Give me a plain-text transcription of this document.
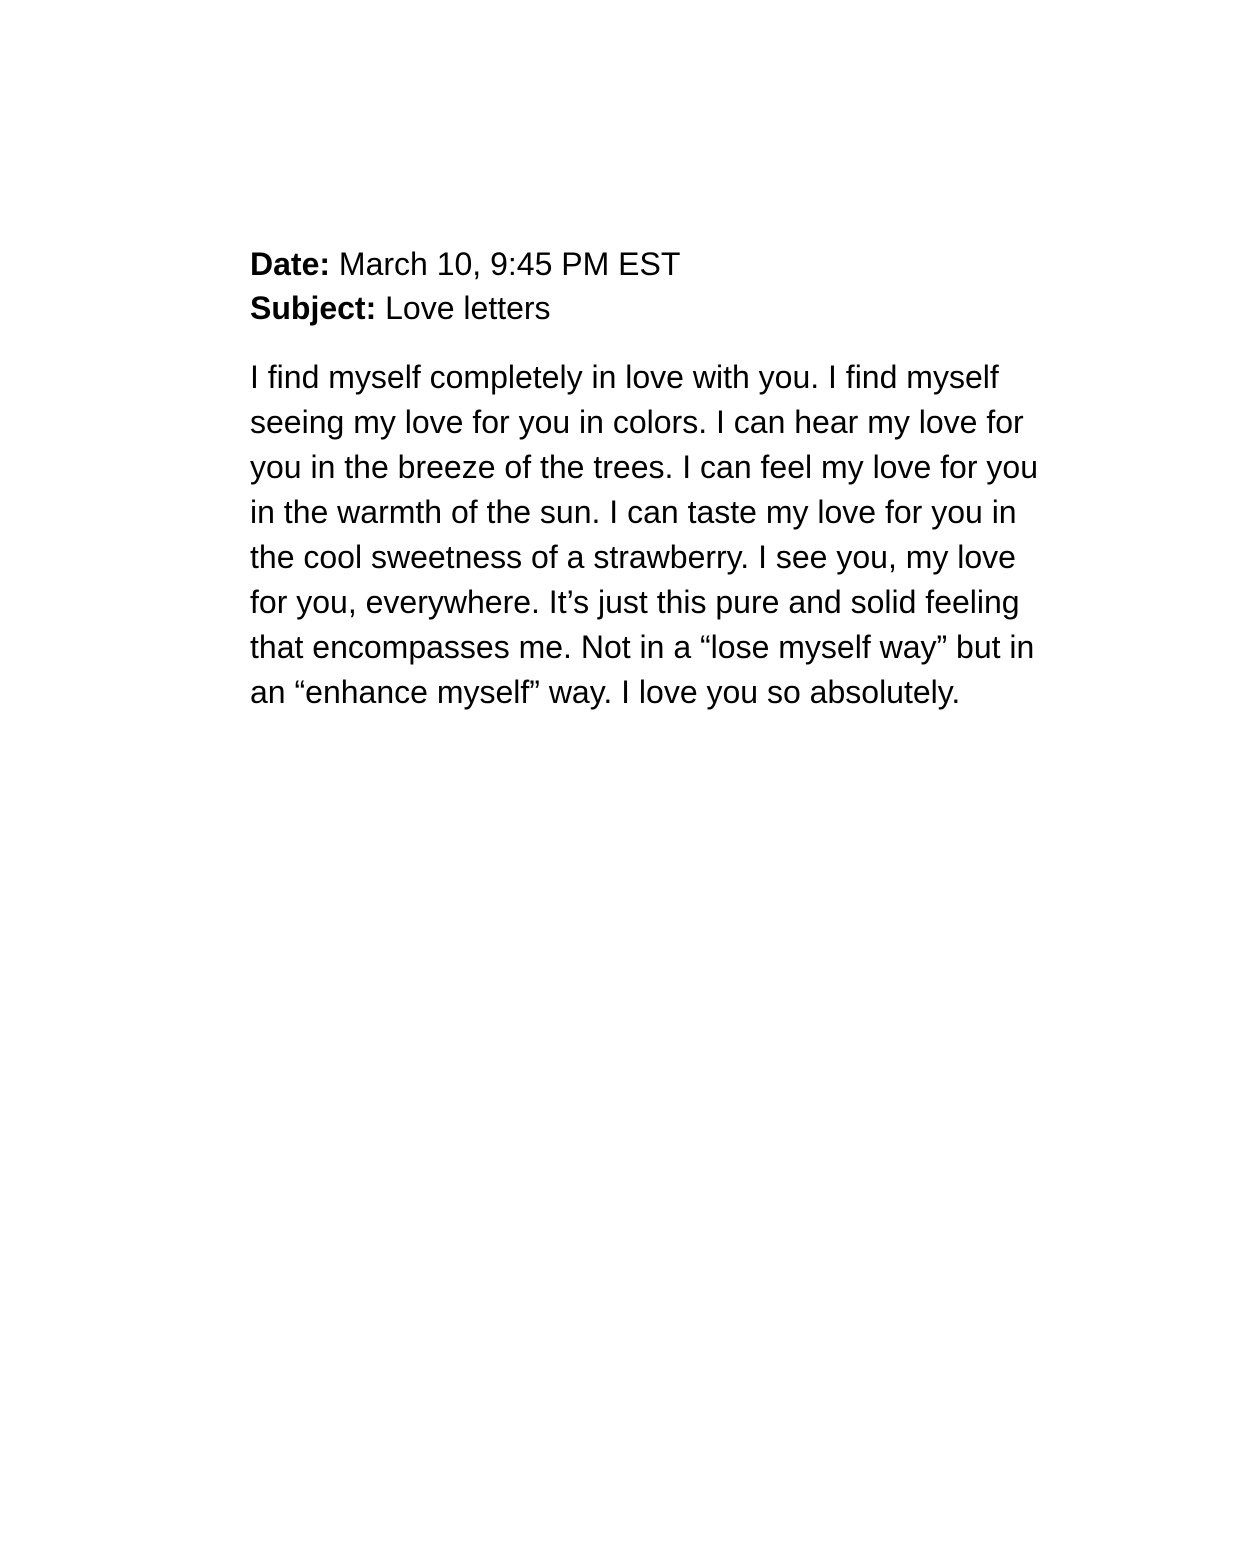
Date: March 10, 9:45 PM EST
Subject: Love letters
I find myself completely in love with you. I find myself
seeing my love for you in colors. I can hear my love for
you in the breeze of the trees. I can feel my love for you
in the warmth of the sun. I can taste my love for you in
the cool sweetness of a strawberry. I see you, my love
for you, everywhere. It’s just this pure and solid feeling
that encompasses me. Not in a “lose myself way” but in
an “enhance myself” way. I love you so absolutely.
